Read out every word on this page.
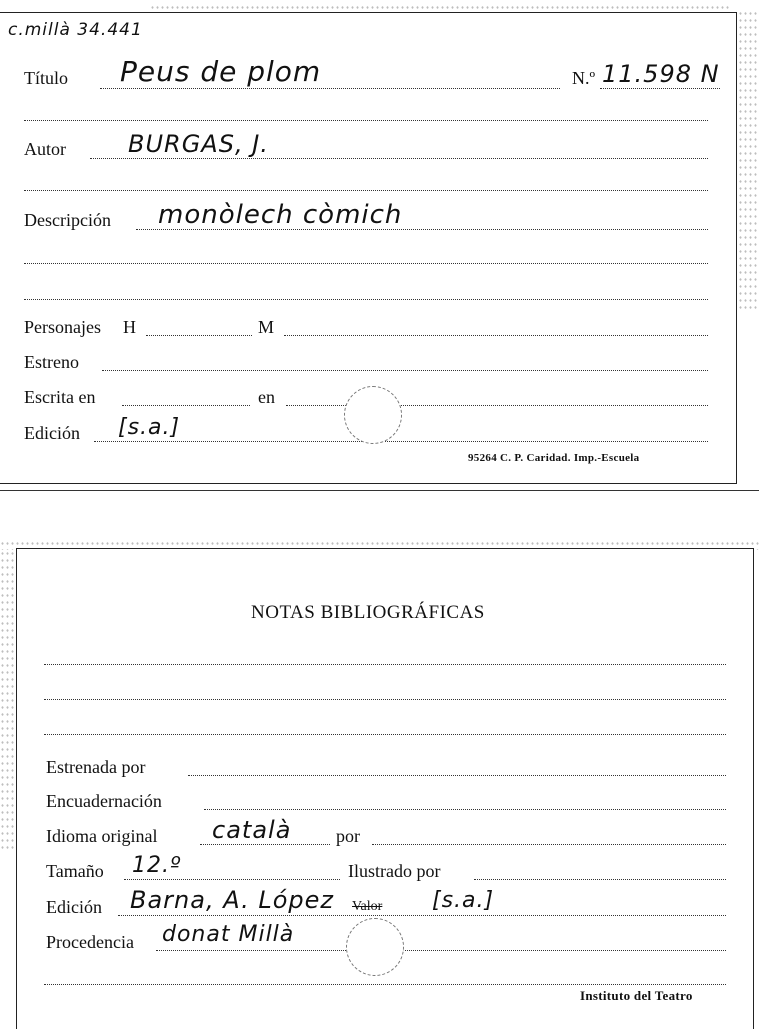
c.millà 34.441
Título Peus de plom	N.º 11.598 N
Autor	BURGAS, J.
Descripción monòlech còmich
Personajes H	M
Estreno
Escrita en	en
Edición [s.a.]
95264 C. P. Caridad. Imp.-Escuela
NOTAS BIBLIOGRÁFICAS
Estrenada por
Encuadernación
Idioma original català por
Tamaño 12.º	Ilustrado por
Edición Barna, A. López Valor [s.a.]
Procedencia donat Millà
Instituto del Teatro
